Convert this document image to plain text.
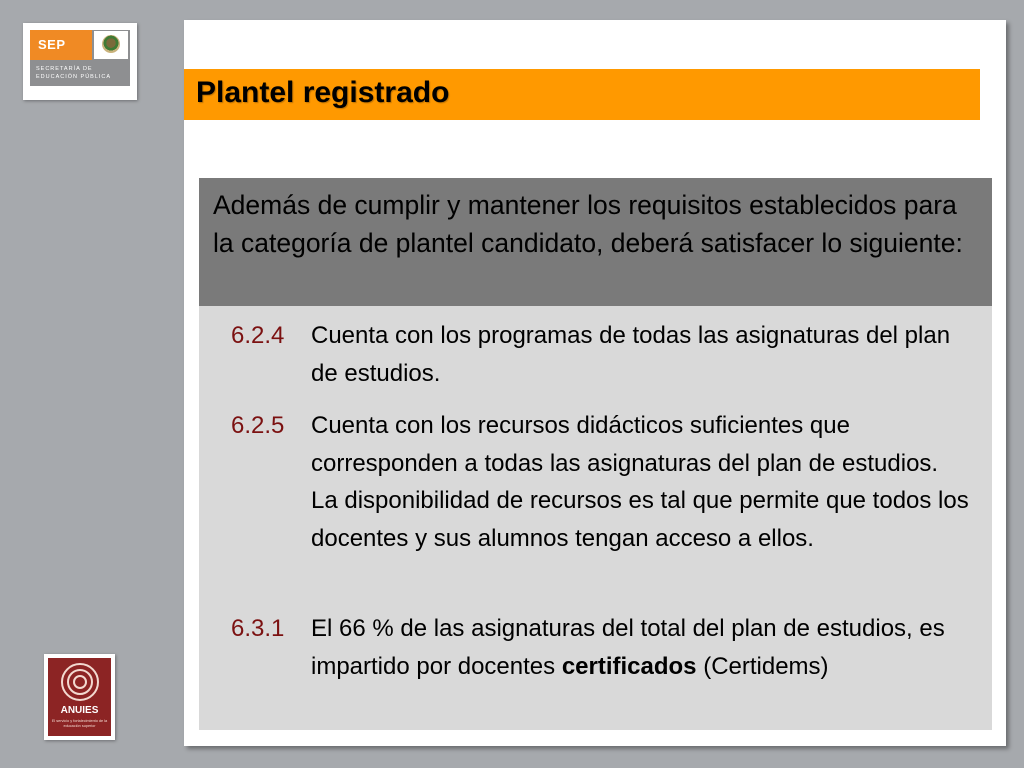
SEP
SECRETARÍA DE EDUCACIÓN PÚBLICA
ANUIES
El servicio y fortalecimiento de la educación superior
Plantel registrado
Además de cumplir y mantener los requisitos establecidos para la categoría de plantel candidato, deberá satisfacer lo siguiente:
6.2.4 Cuenta con los programas de todas las asignaturas del plan de estudios.
6.2.5 Cuenta con los recursos didácticos suficientes que corresponden a todas las asignaturas del plan de estudios. La disponibilidad de recursos es tal que permite que todos los docentes y sus alumnos tengan acceso a ellos.
6.3.1 El 66 % de las asignaturas del total del plan de estudios, es impartido por docentes certificados (Certidems)
